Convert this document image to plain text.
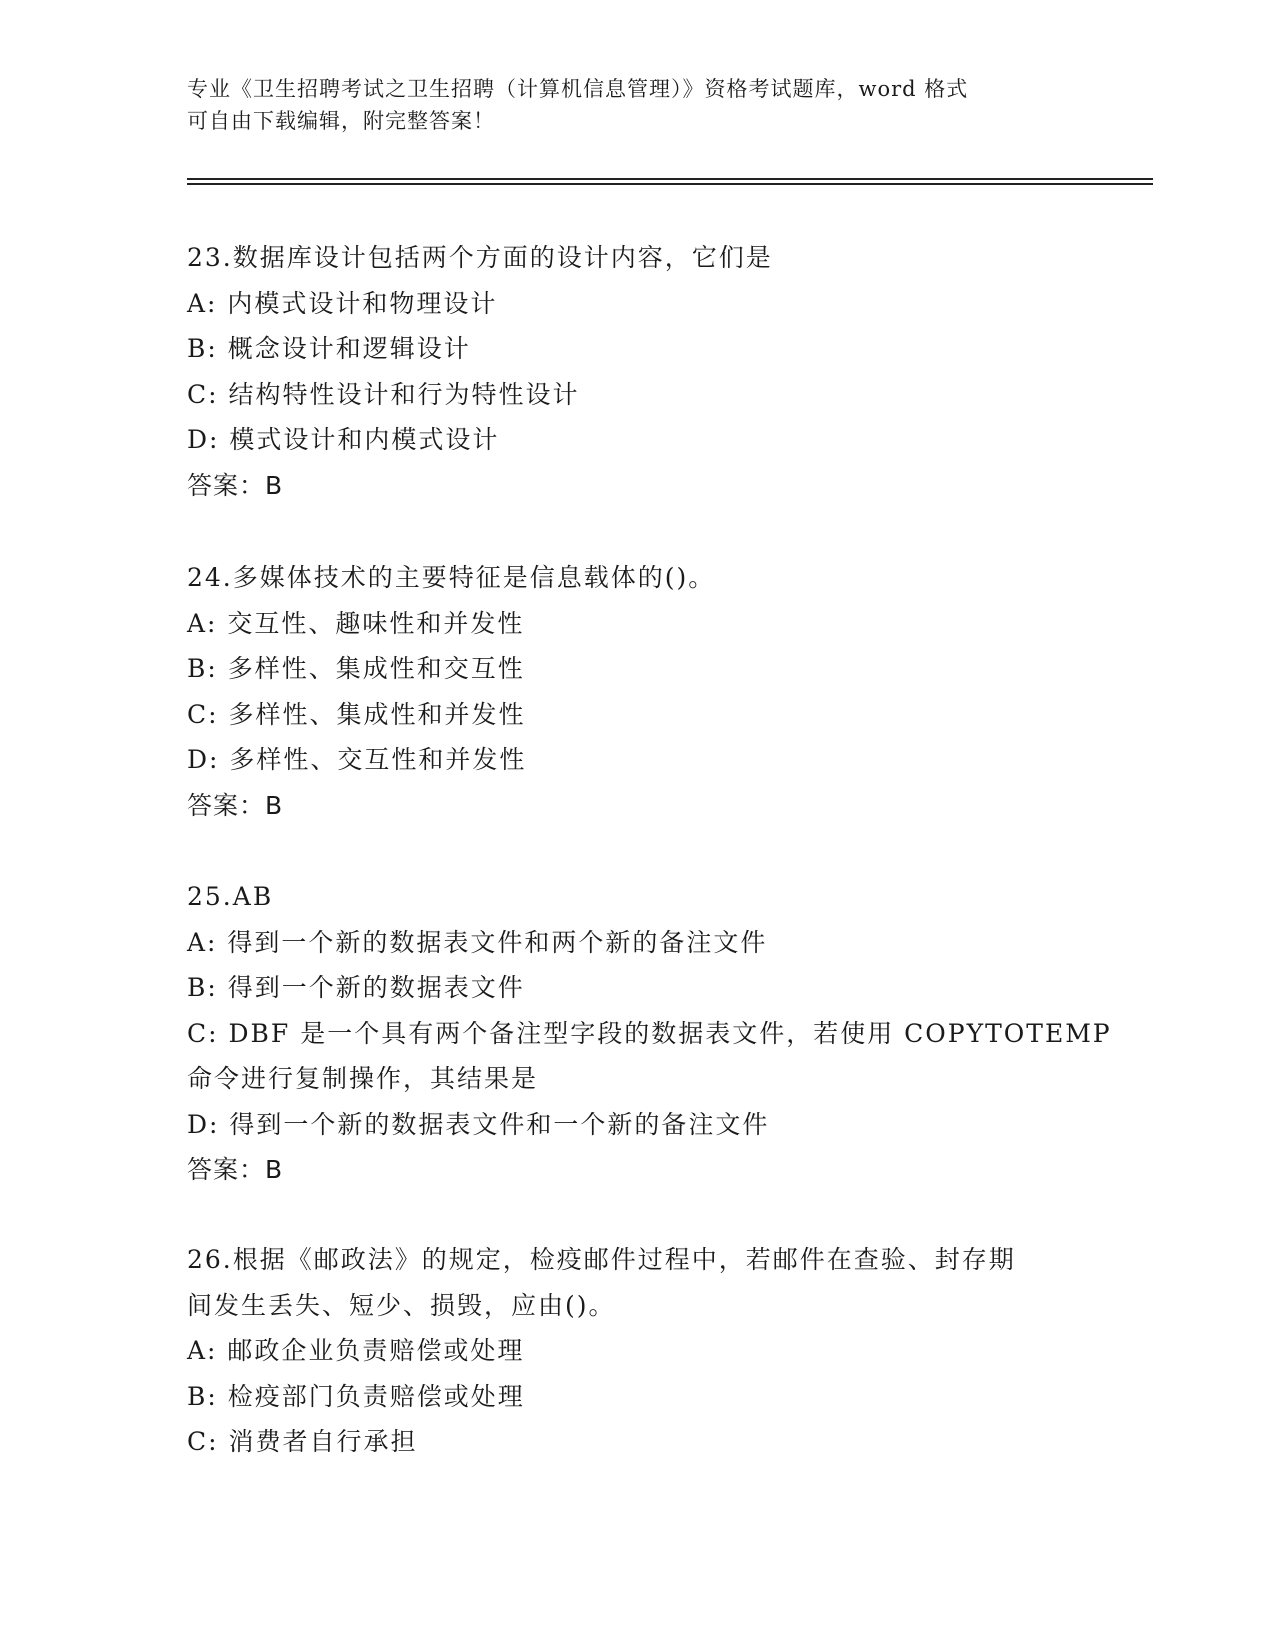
专业《卫生招聘考试之卫生招聘（计算机信息管理）》资格考试题库，word 格式
可自由下载编辑，附完整答案！
23.数据库设计包括两个方面的设计内容，它们是
A: 内模式设计和物理设计
B: 概念设计和逻辑设计
C: 结构特性设计和行为特性设计
D: 模式设计和内模式设计
答案：B
24.多媒体技术的主要特征是信息载体的()。
A: 交互性、趣味性和并发性
B: 多样性、集成性和交互性
C: 多样性、集成性和并发性
D: 多样性、交互性和并发性
答案：B
25.AB
A: 得到一个新的数据表文件和两个新的备注文件
B: 得到一个新的数据表文件
C: DBF 是一个具有两个备注型字段的数据表文件，若使用 COPYTOTEMP
命令进行复制操作，其结果是
D: 得到一个新的数据表文件和一个新的备注文件
答案：B
26.根据《邮政法》的规定，检疫邮件过程中，若邮件在查验、封存期
间发生丢失、短少、损毁，应由()。
A: 邮政企业负责赔偿或处理
B: 检疫部门负责赔偿或处理
C: 消费者自行承担
